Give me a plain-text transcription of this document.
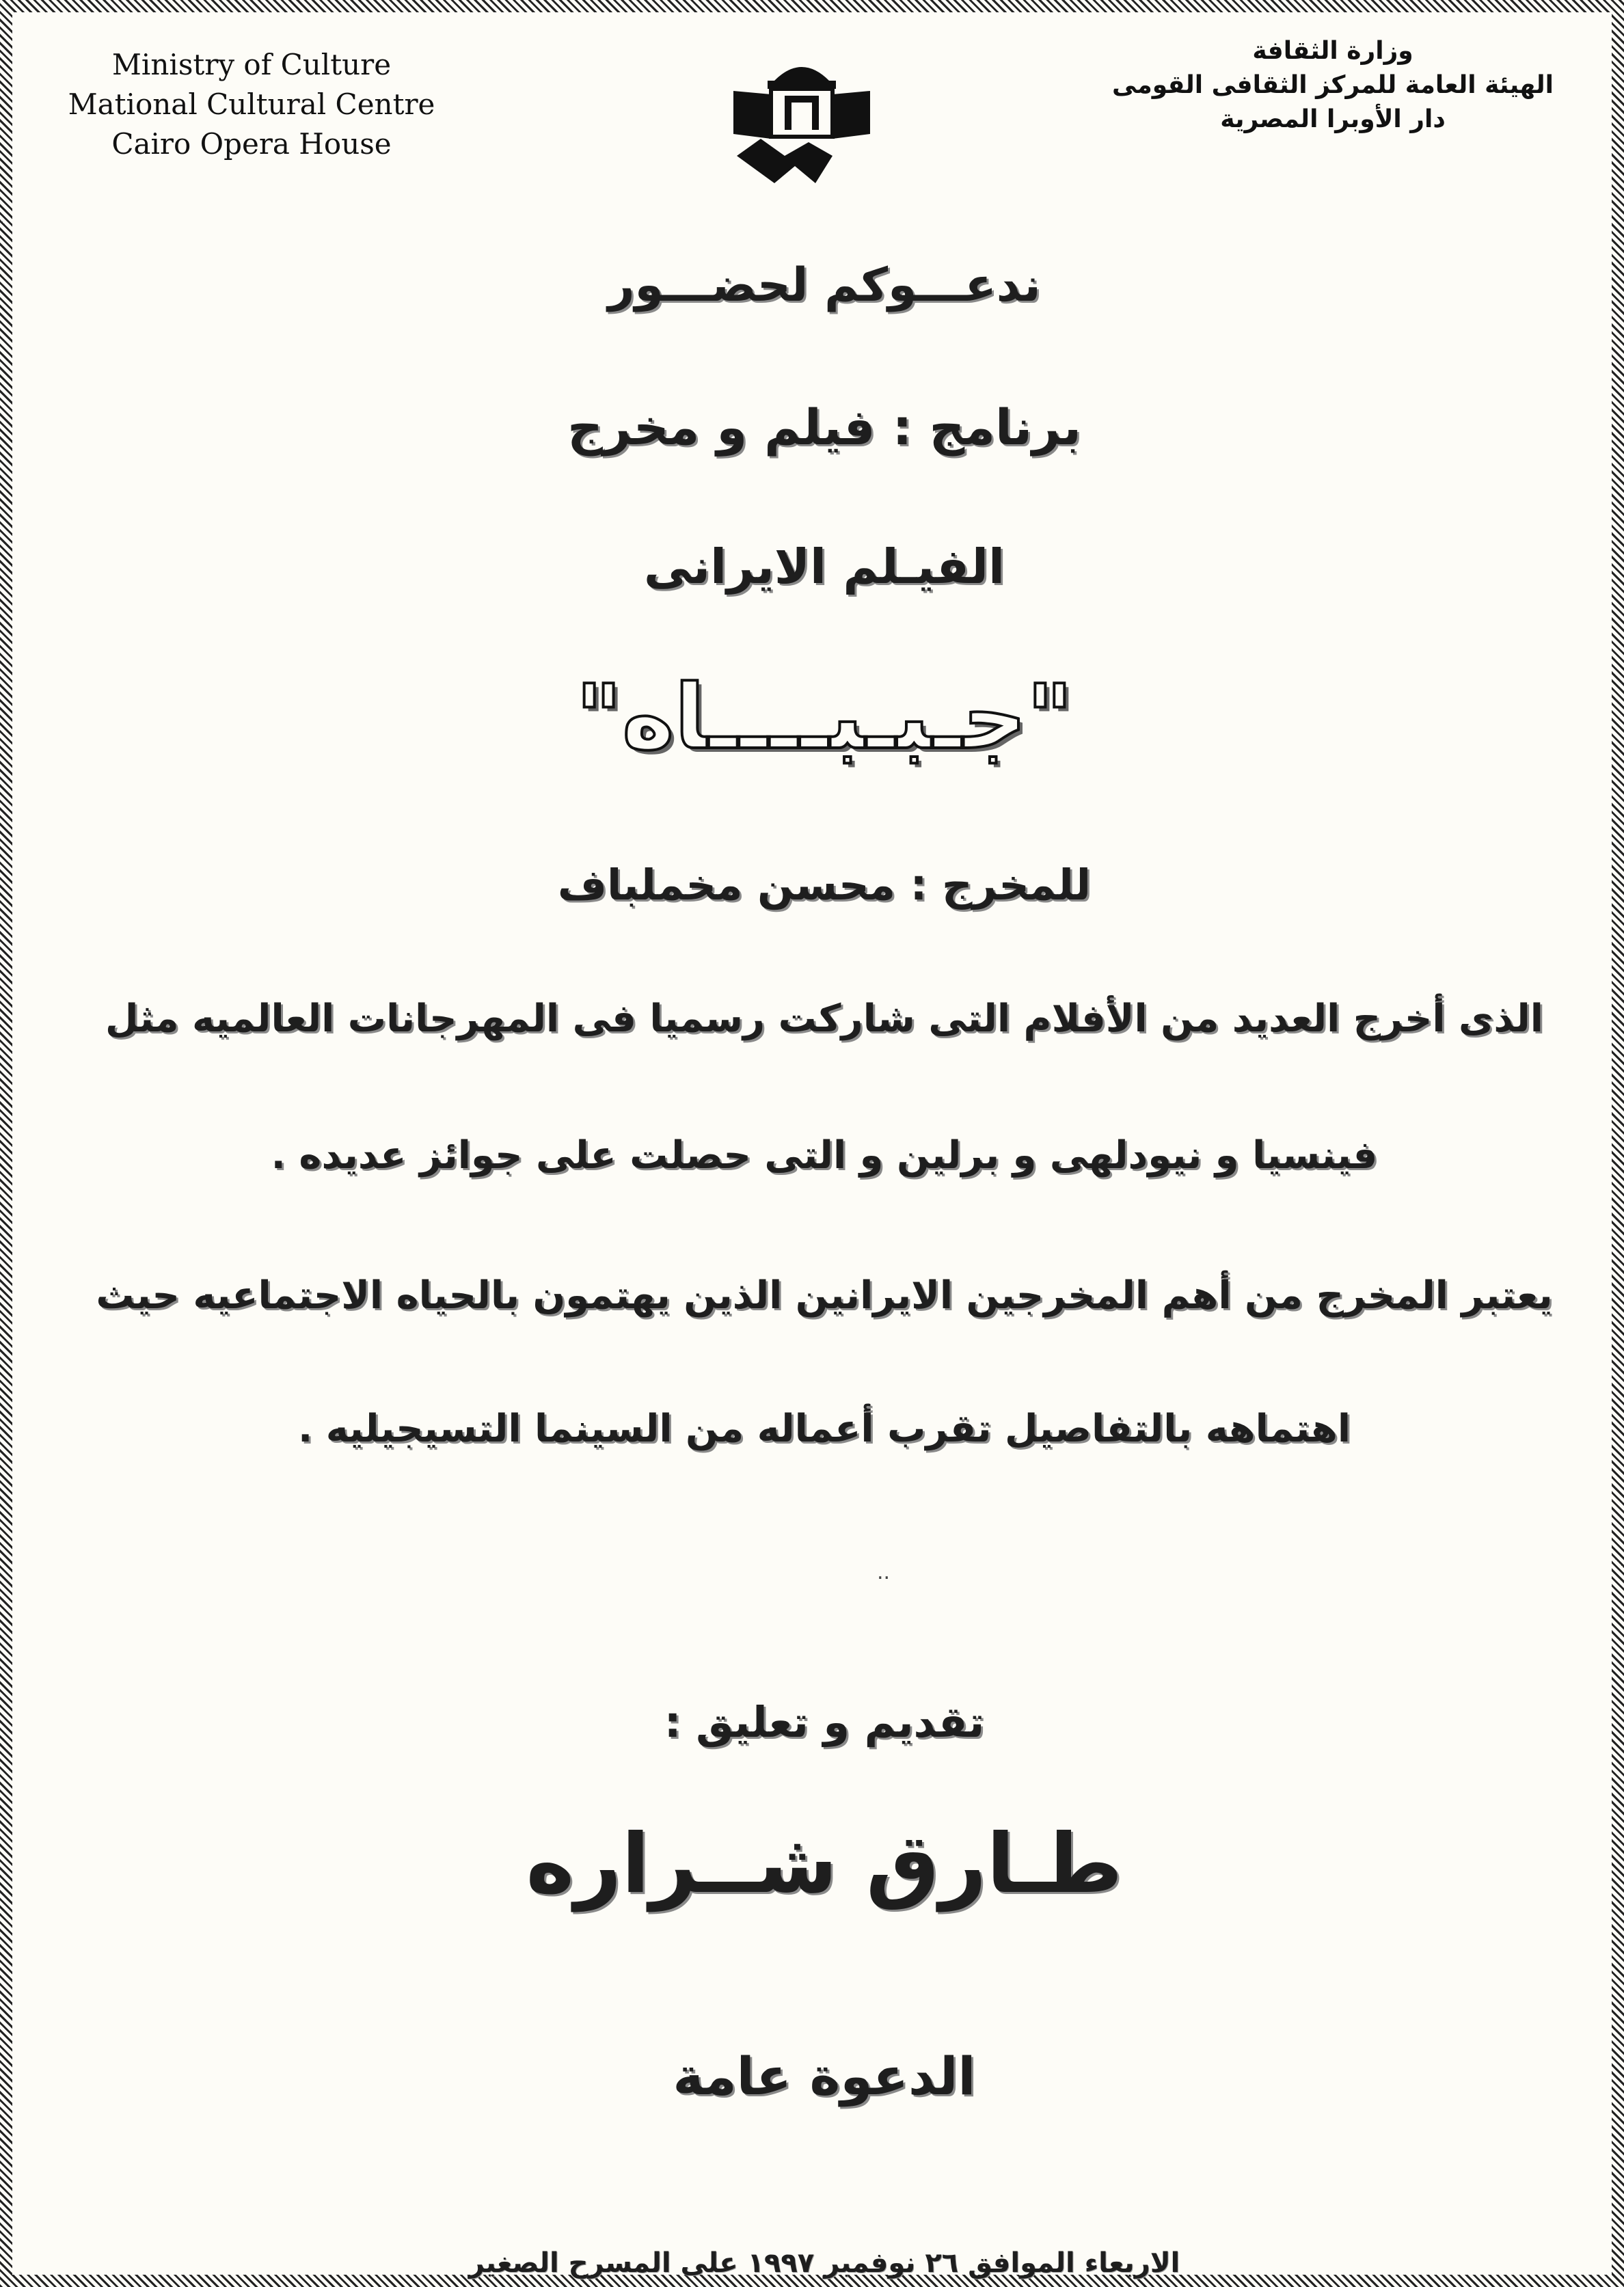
Ministry of Culture
Mational Cultural Centre
Cairo Opera House
وزارة الثقافة
الهيئة العامة للمركز الثقافى القومى
دار الأوبرا المصرية
ندعـــوكم لحضـــور
برنامج : فيلم و مخرج
الفيـلم الايرانى
"جـبـبــــاه"
للمخرج : محسن مخملباف
الذى أخرج العديد من الأفلام التى شاركت رسميا فى المهرجانات العالميه مثل
فينسيا و نيودلهى و برلين و التى حصلت على جوائز عديده .
يعتبر المخرج من أهم المخرجين الايرانين الذين يهتمون بالحياه الاجتماعيه حيث
اهتماهه بالتفاصيل تقرب أعماله من السينما التسيجيليه .
..
تقديم و تعليق :
طـارق شــراره
الدعوة عامة
الاربعاء الموافق ٢٦ نوفمبر ١٩٩٧ على المسرح الصغير
